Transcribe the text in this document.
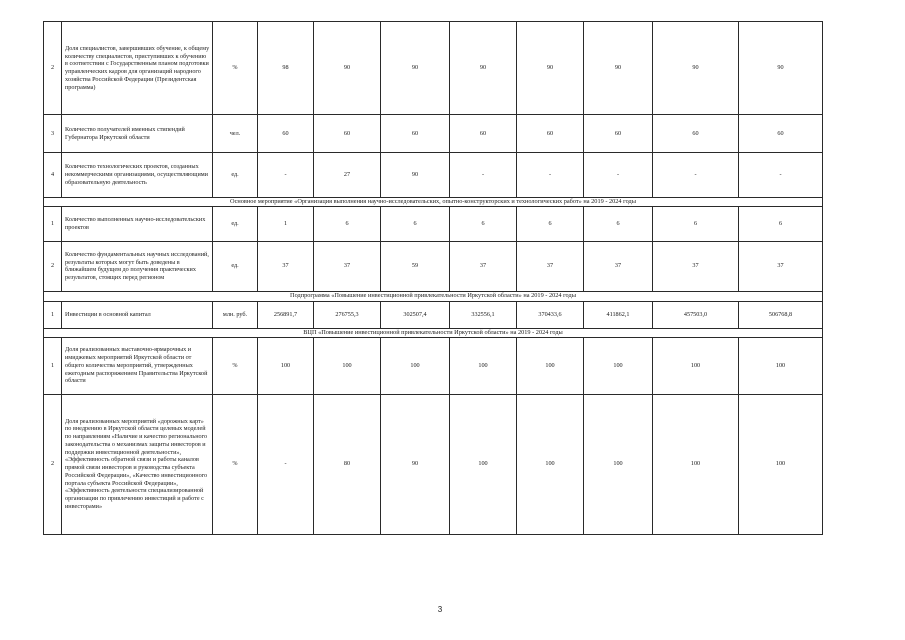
2	Доля специалистов, завершивших обучение, к общему количеству специалистов, приступивших к обучению в соответствии с Государственным планом подготовки управленческих кадров для организаций народного хозяйства Российской Федерации (Президентская программа)	%	98	90	90	90	90	90	90	90
3	Количество получателей именных стипендий Губернатора Иркутской области	чел.	60	60	60	60	60	60	60	60
4	Количество технологических проектов, созданных некоммерческими организациями, осуществляющими образовательную деятельность	ед.	-	27	90	-	-	-	-	-
Основное мероприятие «Организация выполнения научно-исследовательских, опытно-конструкторских и технологических работ» на 2019 - 2024 годы										
1	Количество выполненных научно-исследовательских проектов	ед.	1	6	6	6	6	6	6	6
2	Количество фундаментальных научных исследований, результаты которых могут быть доведены в ближайшем будущем до получения практических результатов, стоящих перед регионом	ед.	37	37	59	37	37	37	37	37
Подпрограмма «Повышение инвестиционной привлекательности Иркутской области» на 2019 - 2024 годы										
1	Инвестиции в основной капитал	млн. руб.	256891,7	276755,3	302507,4	332556,1	370433,6	411862,1	457503,0	506768,8
ВЦП «Повышение инвестиционной привлекательности Иркутской области» на 2019 - 2024 годы										
1	Доля реализованных выставочно-ярмарочных и имиджевых мероприятий Иркутской области от общего количества мероприятий, утвержденных ежегодным распоряжением Правительства Иркутской области	%	100	100	100	100	100	100	100	100
2	Доля реализованных мероприятий «дорожных карт» по внедрению в Иркутской области целевых моделей по направлениям «Наличие и качество регионального законодательства о механизмах защиты инвесторов и поддержки инвестиционной деятельности», «Эффективность обратной связи и работы каналов прямой связи инвесторов и руководства субъекта Российской Федерации», «Качество инвестиционного портала субъекта Российской Федерации», «Эффективность деятельности специализированной организации по привлечению инвестиций и работе с инвесторами»	%	-	80	90	100	100	100	100	100
3
